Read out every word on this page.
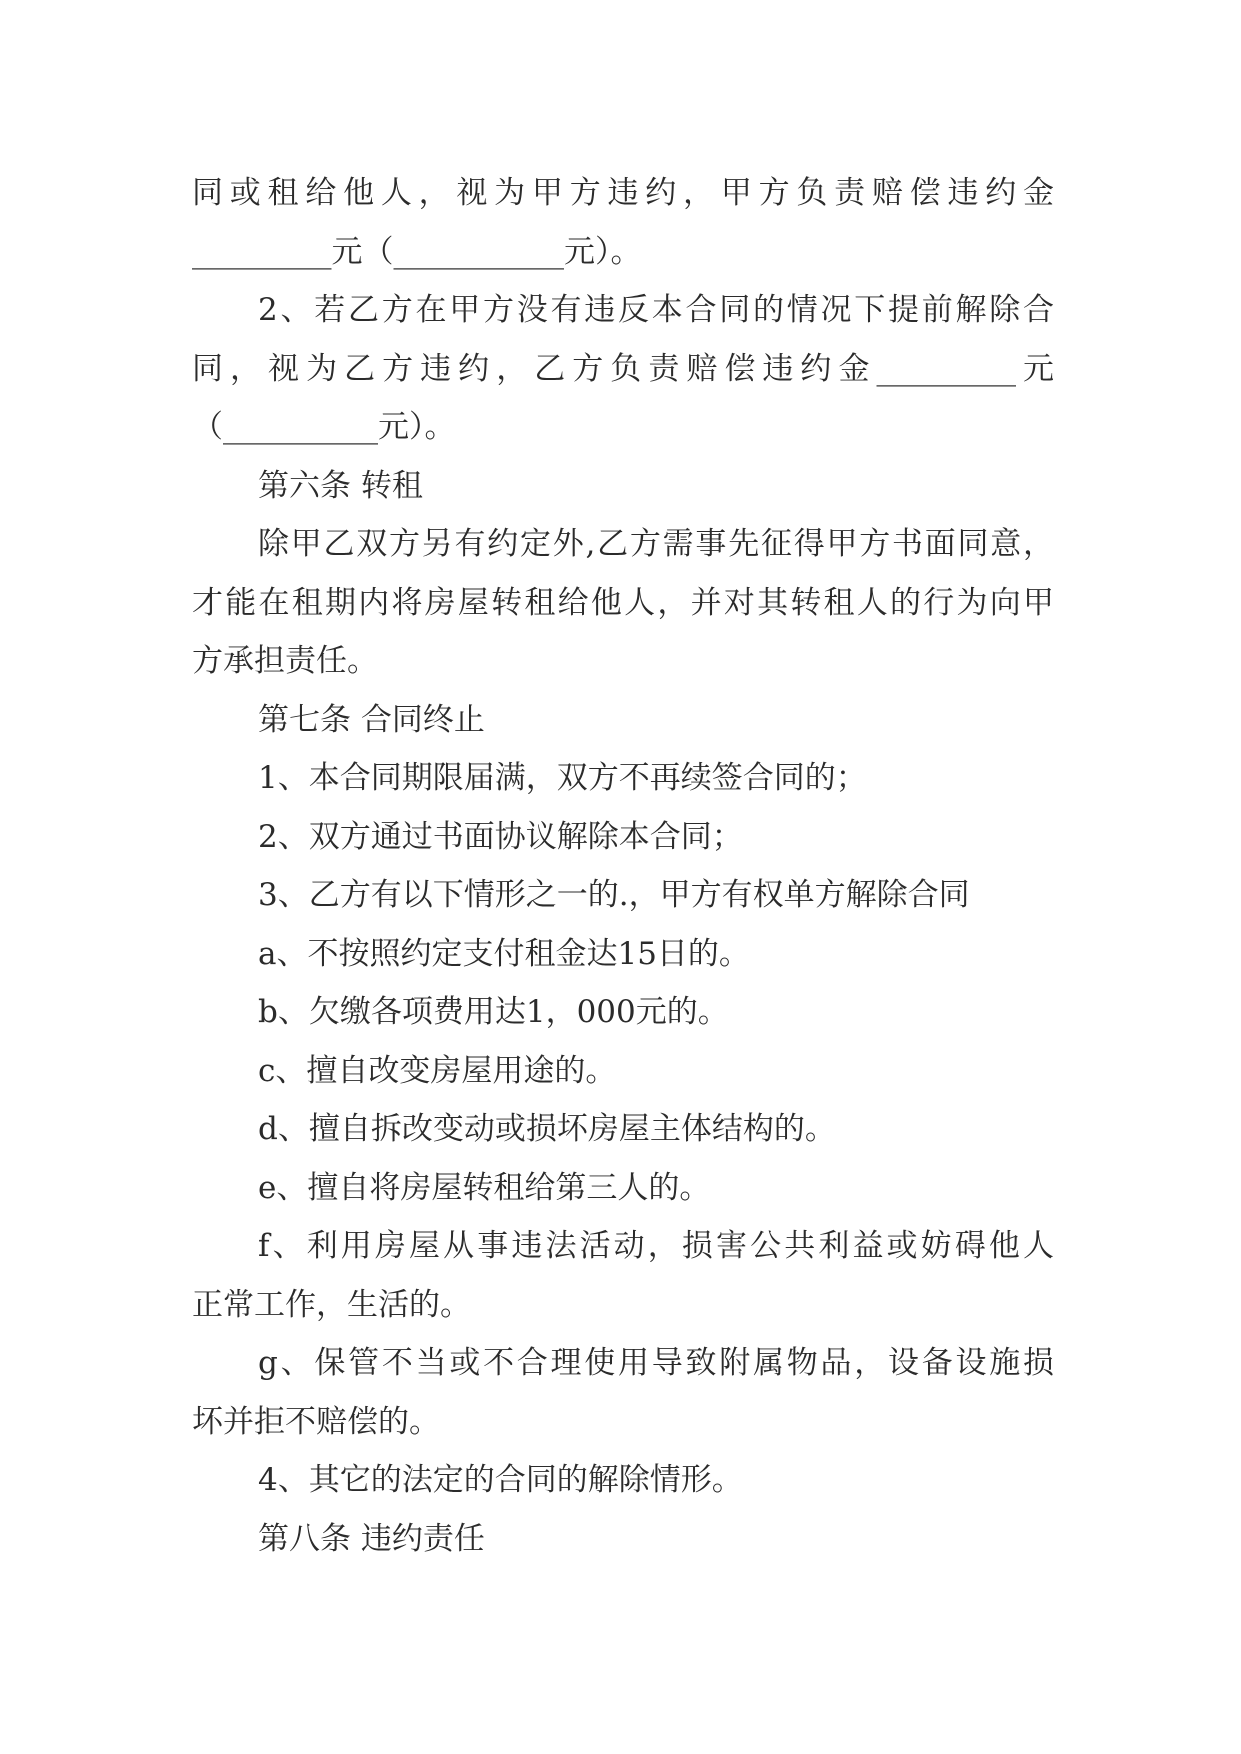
同或租给他人，视为甲方违约，甲方负责赔偿违约金
_________元（___________元）。
2、若乙方在甲方没有违反本合同的情况下提前解除合
同，视为乙方违约，乙方负责赔偿违约金_________元
（__________元）。
第六条 转租
除甲乙双方另有约定外,乙方需事先征得甲方书面同意，
才能在租期内将房屋转租给他人，并对其转租人的行为向甲
方承担责任。
第七条 合同终止
1、本合同期限届满，双方不再续签合同的；
2、双方通过书面协议解除本合同；
3、乙方有以下情形之一的.，甲方有权单方解除合同
a、不按照约定支付租金达15日的。
b、欠缴各项费用达1，000元的。
c、擅自改变房屋用途的。
d、擅自拆改变动或损坏房屋主体结构的。
e、擅自将房屋转租给第三人的。
f、利用房屋从事违法活动，损害公共利益或妨碍他人
正常工作，生活的。
g、保管不当或不合理使用导致附属物品，设备设施损
坏并拒不赔偿的。
4、其它的法定的合同的解除情形。
第八条 违约责任
